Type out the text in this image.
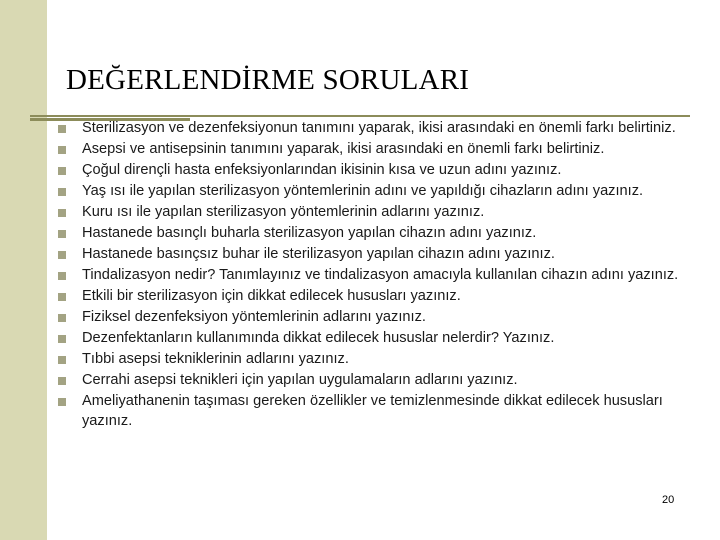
DEĞERLENDİRME SORULARI
Sterilizasyon ve dezenfeksiyonun tanımını yaparak, ikisi arasındaki en önemli farkı belirtiniz.
Asepsi ve antisepsinin tanımını yaparak, ikisi arasındaki en önemli farkı belirtiniz.
Çoğul dirençli hasta enfeksiyonlarından ikisinin kısa ve uzun adını yazınız.
Yaş ısı ile yapılan sterilizasyon yöntemlerinin adını ve yapıldığı cihazların adını yazınız.
Kuru ısı ile yapılan sterilizasyon yöntemlerinin adlarını yazınız.
Hastanede basınçlı buharla sterilizasyon yapılan cihazın adını yazınız.
Hastanede basınçsız buhar ile sterilizasyon yapılan cihazın adını yazınız.
Tindalizasyon nedir? Tanımlayınız ve tindalizasyon amacıyla kullanılan cihazın adını yazınız.
Etkili bir sterilizasyon için dikkat edilecek hususları yazınız.
Fiziksel dezenfeksiyon yöntemlerinin adlarını yazınız.
Dezenfektanların kullanımında dikkat edilecek hususlar nelerdir? Yazınız.
Tıbbi asepsi tekniklerinin adlarını yazınız.
Cerrahi asepsi teknikleri için yapılan uygulamaların adlarını yazınız.
Ameliyathanenin taşıması gereken özellikler ve temizlenmesinde dikkat edilecek hususları yazınız.
20
